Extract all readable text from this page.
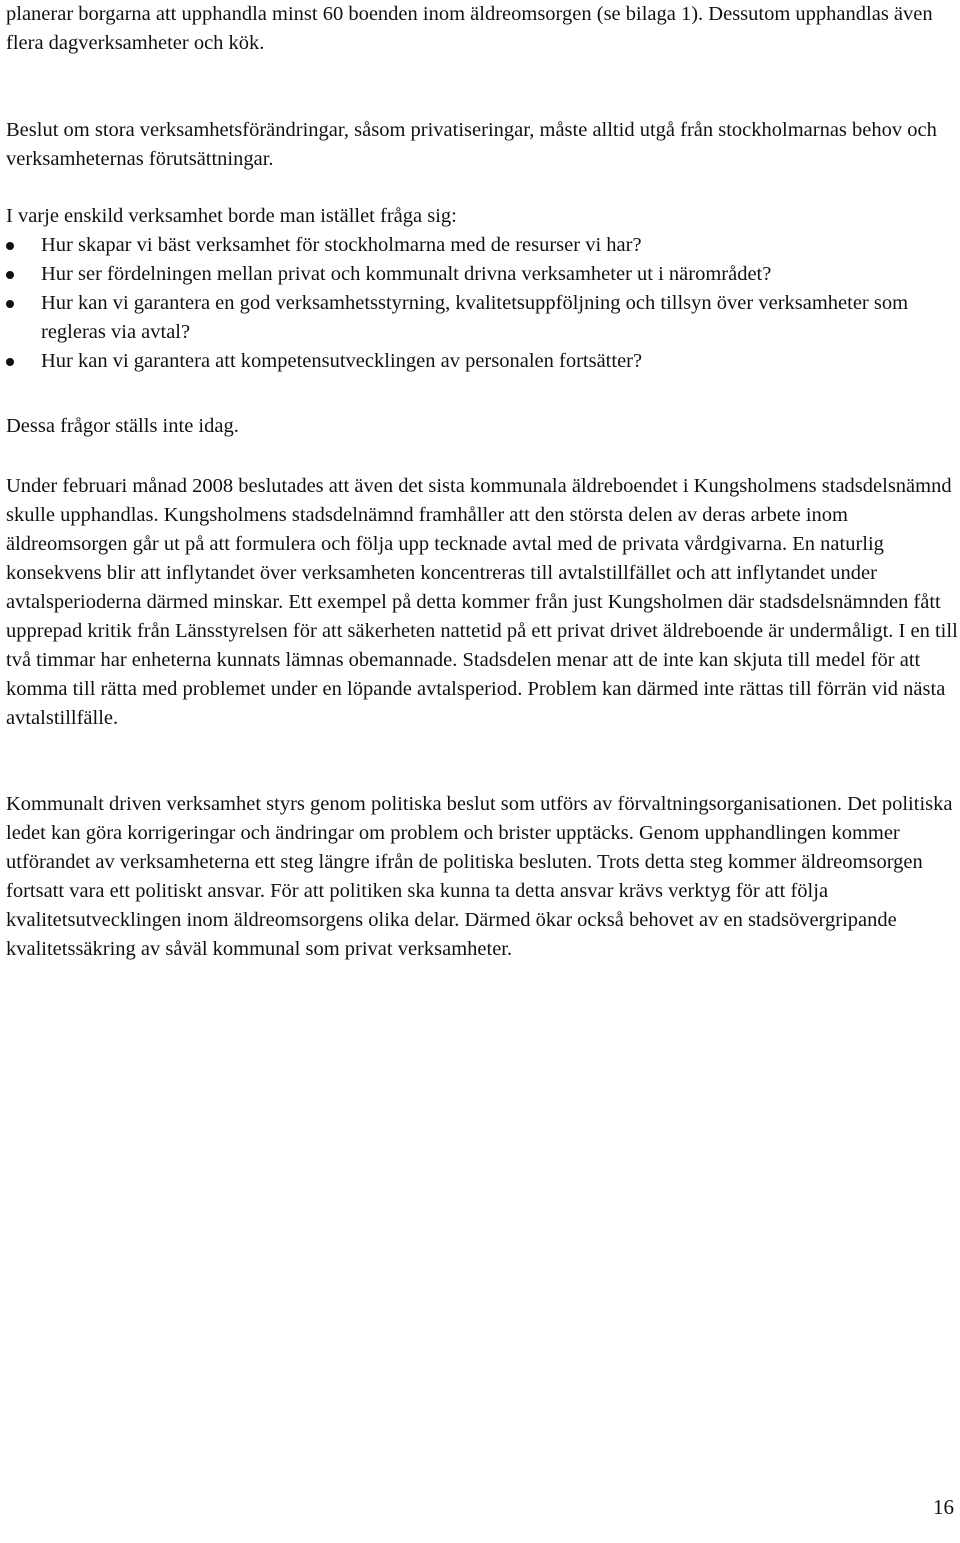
planerar borgarna att upphandla minst 60 boenden inom äldreomsorgen (se bilaga 1). Dessutom upphandlas även flera dagverksamheter och kök.

Beslut om stora verksamhetsförändringar, såsom privatiseringar, måste alltid utgå från stockholmarnas behov och verksamheternas förutsättningar.

I varje enskild verksamhet borde man istället fråga sig:

Hur skapar vi bäst verksamhet för stockholmarna med de resurser vi har?
Hur ser fördelningen mellan privat och kommunalt drivna verksamheter ut i närområdet?
Hur kan vi garantera en god verksamhetsstyrning, kvalitetsuppföljning och tillsyn över verksamheter som regleras via avtal?
Hur kan vi garantera att kompetensutvecklingen av personalen fortsätter?

Dessa frågor ställs inte idag.

Under februari månad 2008 beslutades att även det sista kommunala äldreboendet i Kungsholmens stadsdelsnämnd skulle upphandlas. Kungsholmens stadsdelnämnd framhåller att den största delen av deras arbete inom äldreomsorgen går ut på att formulera och följa upp tecknade avtal med de privata vårdgivarna. En naturlig konsekvens blir att inflytandet över verksamheten koncentreras till avtalstillfället och att inflytandet under avtalsperioderna därmed minskar. Ett exempel på detta kommer från just Kungsholmen där stadsdelsnämnden fått upprepad kritik från Länsstyrelsen för att säkerheten nattetid på ett privat drivet äldreboende är undermåligt. I en till två timmar har enheterna kunnats lämnas obemannade. Stadsdelen menar att de inte kan skjuta till medel för att komma till rätta med problemet under en löpande avtalsperiod. Problem kan därmed inte rättas till förrän vid nästa avtalstillfälle.

Kommunalt driven verksamhet styrs genom politiska beslut som utförs av förvaltningsorganisationen. Det politiska ledet kan göra korrigeringar och ändringar om problem och brister upptäcks. Genom upphandlingen kommer utförandet av verksamheterna ett steg längre ifrån de politiska besluten. Trots detta steg kommer äldreomsorgen fortsatt vara ett politiskt ansvar. För att politiken ska kunna ta detta ansvar krävs verktyg för att följa kvalitetsutvecklingen inom äldreomsorgens olika delar. Därmed ökar också behovet av en stadsövergripande kvalitetssäkring av såväl kommunal som privat verksamheter.

16
